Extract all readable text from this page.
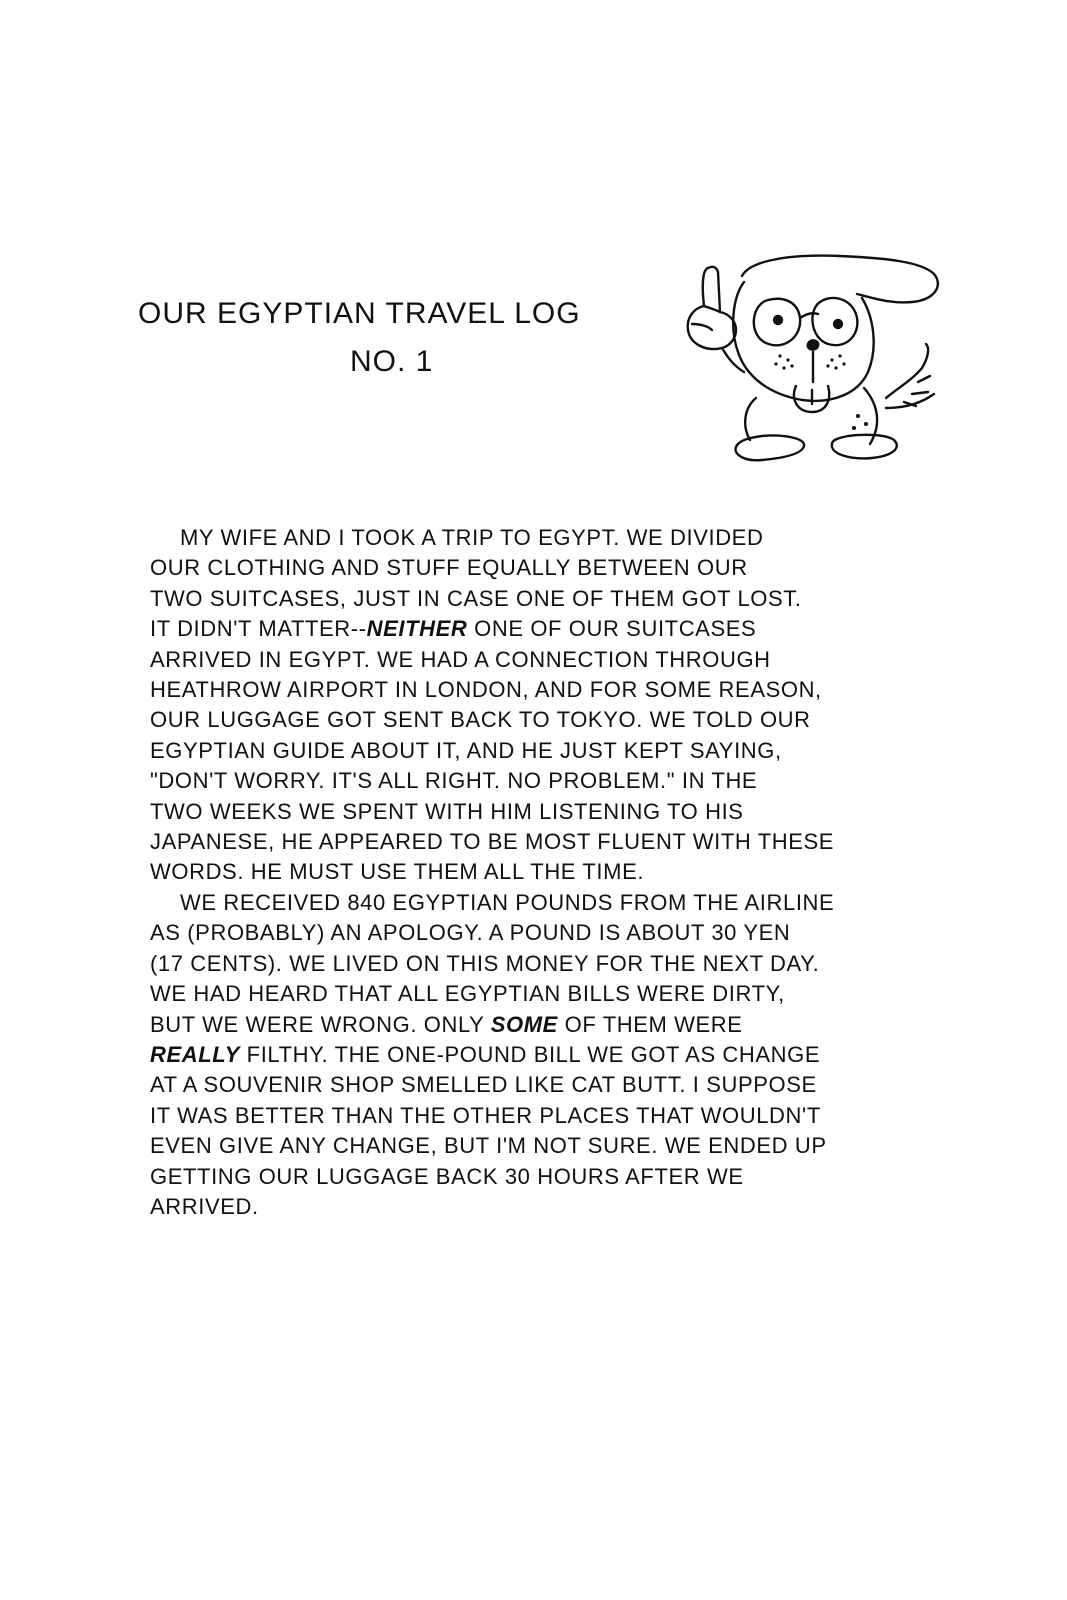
OUR EGYPTIAN TRAVEL LOG
NO. 1
MY WIFE AND I TOOK A TRIP TO EGYPT. WE DIVIDED
OUR CLOTHING AND STUFF EQUALLY BETWEEN OUR
TWO SUITCASES, JUST IN CASE ONE OF THEM GOT LOST.
IT DIDN'T MATTER--NEITHER ONE OF OUR SUITCASES
ARRIVED IN EGYPT. WE HAD A CONNECTION THROUGH
HEATHROW AIRPORT IN LONDON, AND FOR SOME REASON,
OUR LUGGAGE GOT SENT BACK TO TOKYO. WE TOLD OUR
EGYPTIAN GUIDE ABOUT IT, AND HE JUST KEPT SAYING,
"DON'T WORRY. IT'S ALL RIGHT. NO PROBLEM." IN THE
TWO WEEKS WE SPENT WITH HIM LISTENING TO HIS
JAPANESE, HE APPEARED TO BE MOST FLUENT WITH THESE
WORDS. HE MUST USE THEM ALL THE TIME.
WE RECEIVED 840 EGYPTIAN POUNDS FROM THE AIRLINE
AS (PROBABLY) AN APOLOGY. A POUND IS ABOUT 30 YEN
(17 CENTS). WE LIVED ON THIS MONEY FOR THE NEXT DAY.
WE HAD HEARD THAT ALL EGYPTIAN BILLS WERE DIRTY,
BUT WE WERE WRONG. ONLY SOME OF THEM WERE
REALLY FILTHY. THE ONE-POUND BILL WE GOT AS CHANGE
AT A SOUVENIR SHOP SMELLED LIKE CAT BUTT. I SUPPOSE
IT WAS BETTER THAN THE OTHER PLACES THAT WOULDN'T
EVEN GIVE ANY CHANGE, BUT I'M NOT SURE. WE ENDED UP
GETTING OUR LUGGAGE BACK 30 HOURS AFTER WE
ARRIVED.
